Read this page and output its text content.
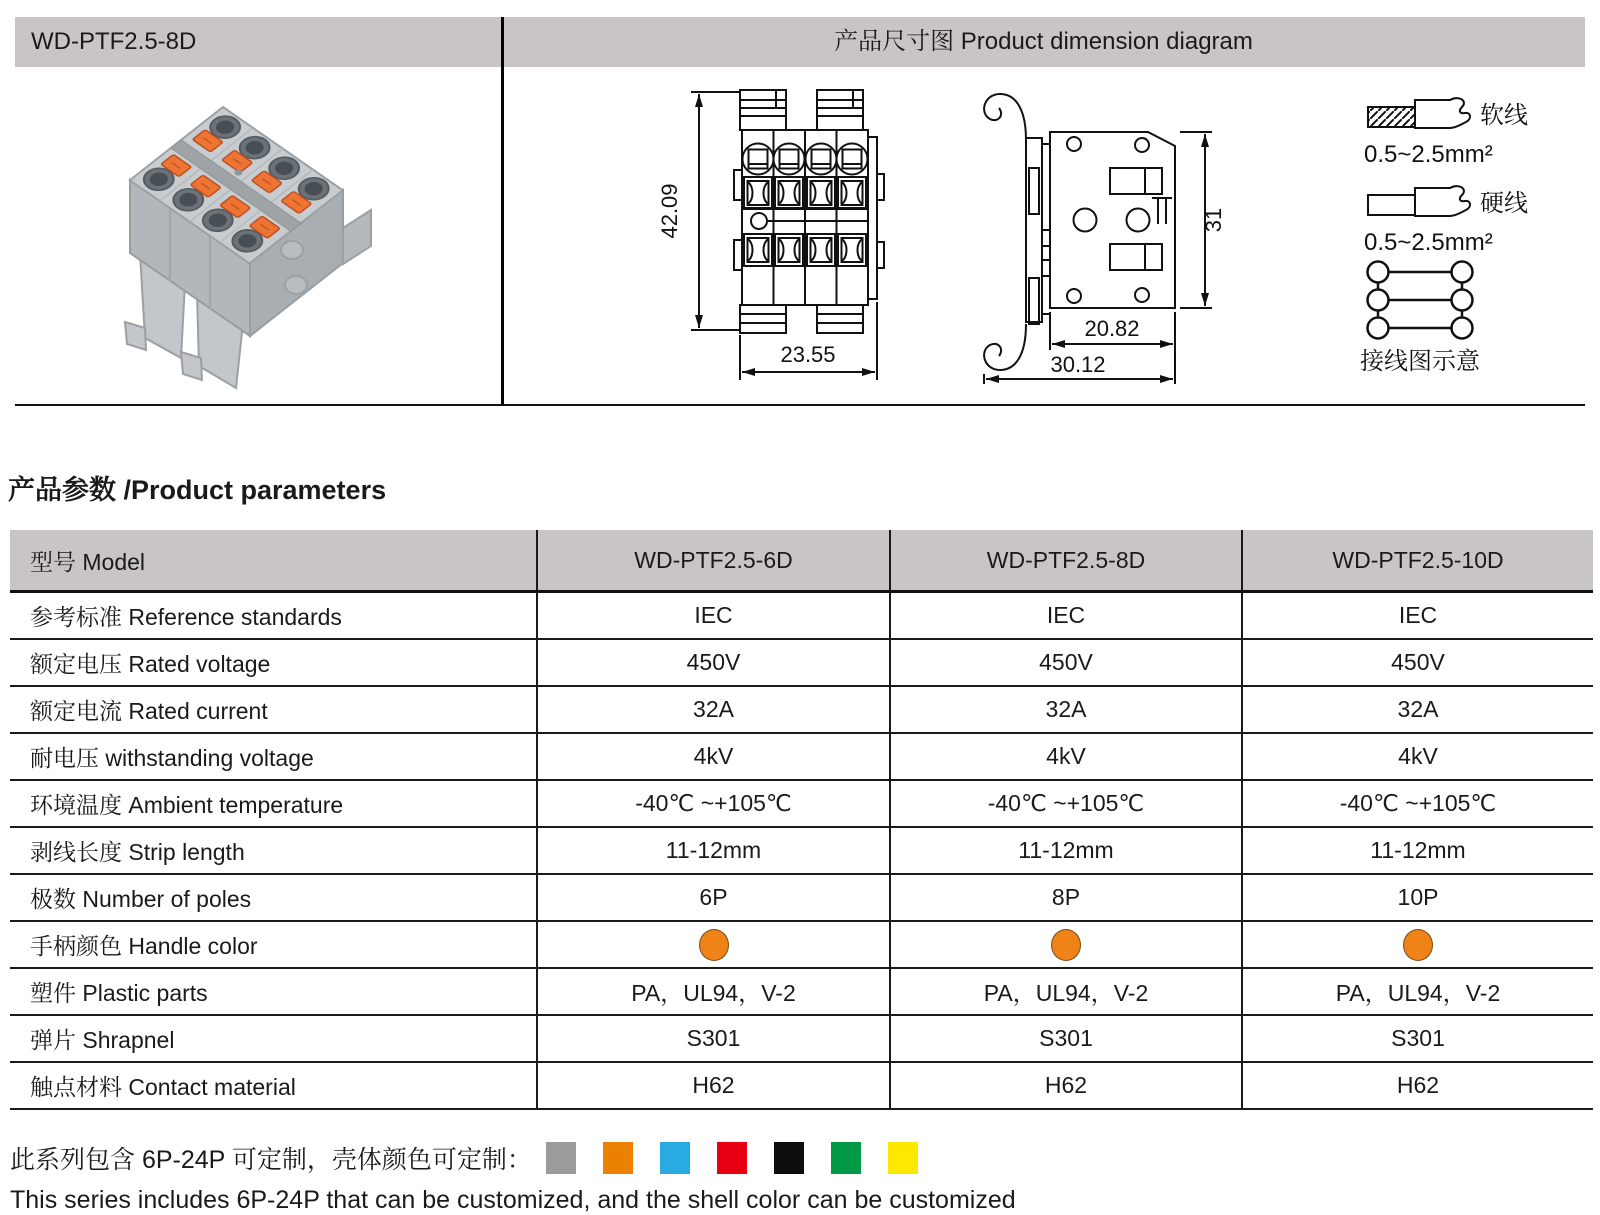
WD-PTF2.5-8D	产品尺寸图 Product dimension diagram
42.09
23.55
31
20.82
30.12
软线
0.5~2.5mm²
硬线
0.5~2.5mm²
接线图示意
产品参数 /Product parameters
型号 Model	WD-PTF2.5-6D	WD-PTF2.5-8D	WD-PTF2.5-10D
参考标准 Reference standards	IEC	IEC	IEC
额定电压 Rated voltage	450V	450V	450V
额定电流 Rated current	32A	32A	32A
耐电压 withstanding voltage	4kV	4kV	4kV
环境温度 Ambient temperature	-40℃ ~+105℃	-40℃ ~+105℃	-40℃ ~+105℃
剥线长度 Strip length	11-12mm	11-12mm	11-12mm
极数 Number of poles	6P	8P	10P
手柄颜色 Handle color			
塑件 Plastic parts	PA，UL94，V-2	PA，UL94，V-2	PA，UL94，V-2
弹片 Shrapnel	S301	S301	S301
触点材料 Contact material	H62	H62	H62
此系列包含 6P-24P 可定制，壳体颜色可定制：
This series includes 6P-24P that can be customized, and the shell color can be customized
